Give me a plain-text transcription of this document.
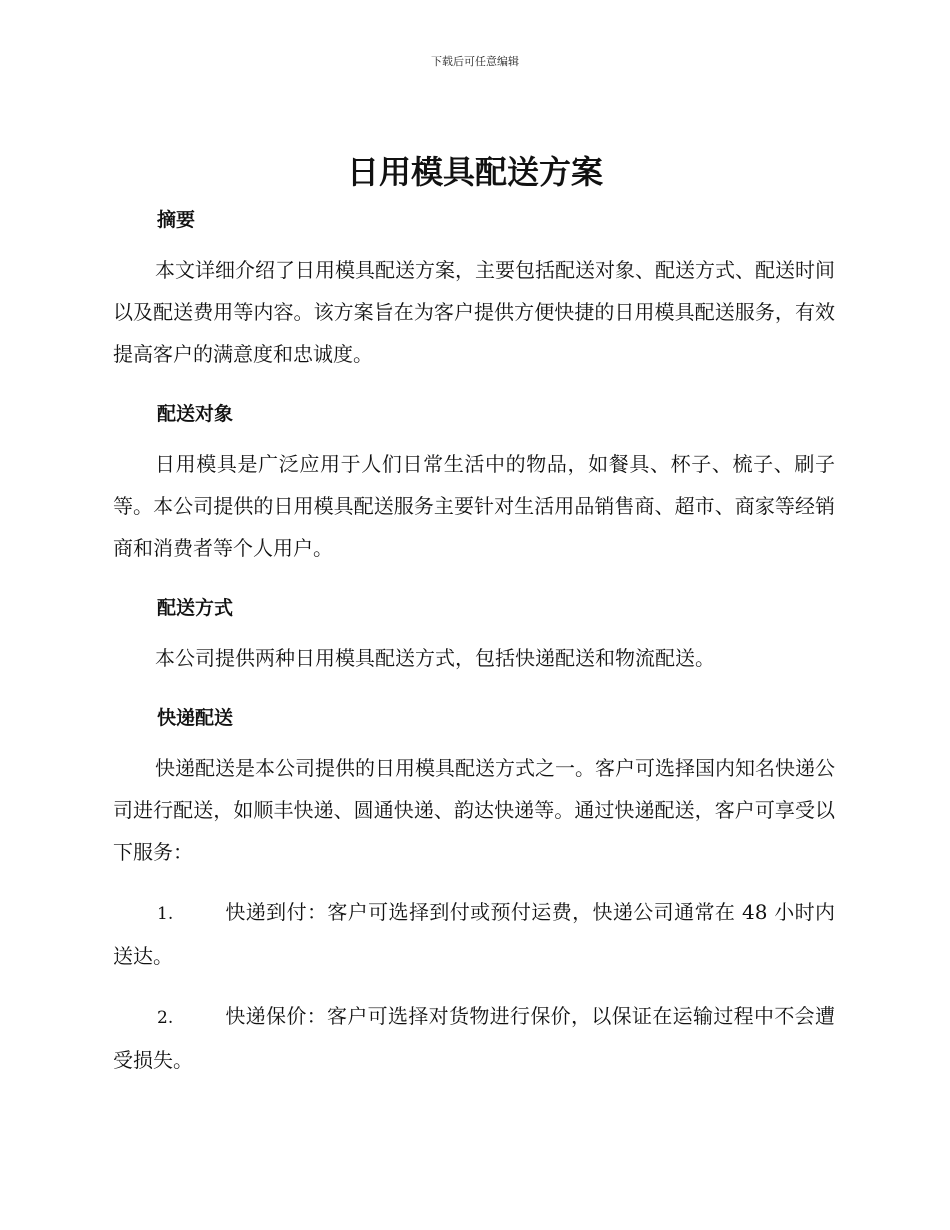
下载后可任意编辑
日用模具配送方案
摘要

本文详细介绍了日用模具配送方案，主要包括配送对象、配送方式、配送时间以及配送费用等内容。该方案旨在为客户提供方便快捷的日用模具配送服务，有效提高客户的满意度和忠诚度。

配送对象

日用模具是广泛应用于人们日常生活中的物品，如餐具、杯子、梳子、刷子等。本公司提供的日用模具配送服务主要针对生活用品销售商、超市、商家等经销商和消费者等个人用户。

配送方式

本公司提供两种日用模具配送方式，包括快递配送和物流配送。

快递配送

快递配送是本公司提供的日用模具配送方式之一。客户可选择国内知名快递公司进行配送，如顺丰快递、圆通快递、韵达快递等。通过快递配送，客户可享受以下服务：

1.	快递到付：客户可选择到付或预付运费，快递公司通常在 48 小时内送达。

2.	快递保价：客户可选择对货物进行保价，以保证在运输过程中不会遭受损失。
